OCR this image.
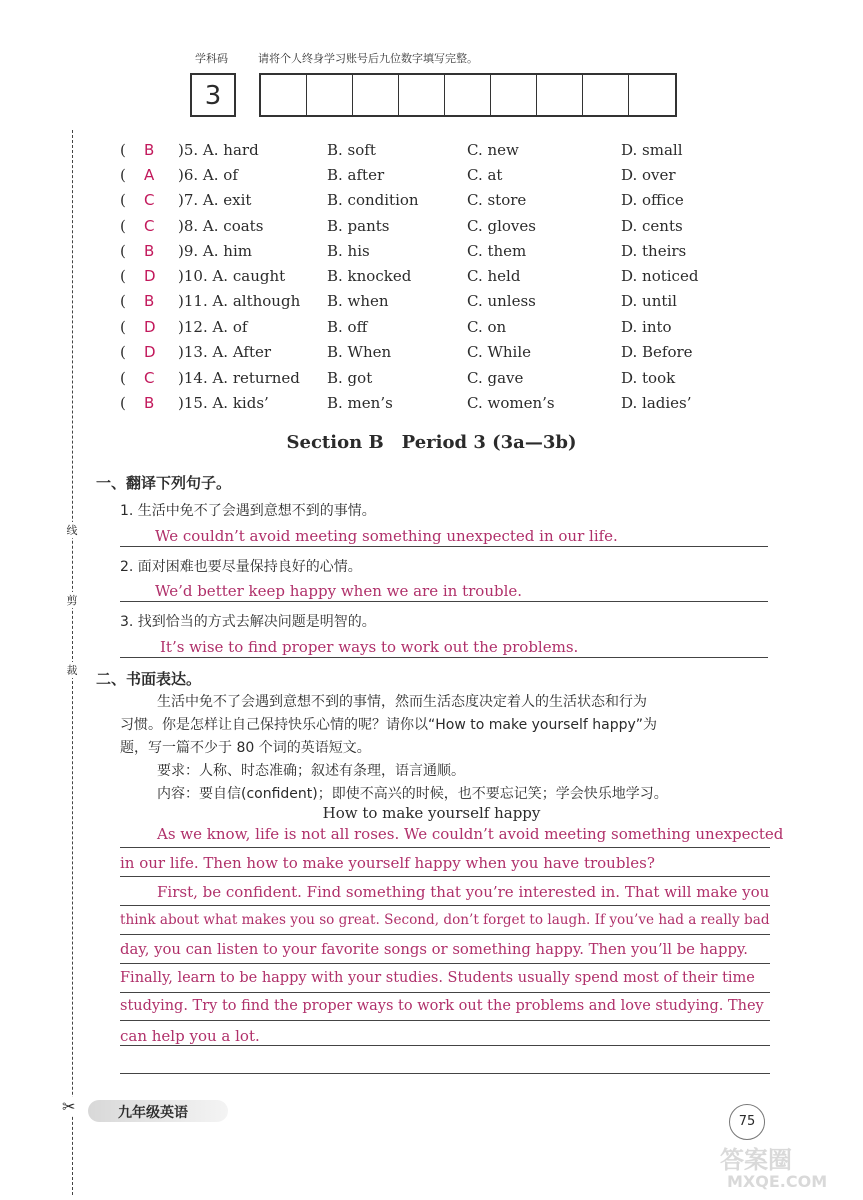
学科码	请将个人终身学习账号后九位数字填写完整。
3
线
剪
裁
✂
( B )5. A. hard	B. soft	C. new	D. small
( A )6. A. of	B. after	C. at	D. over
( C )7. A. exit	B. condition	C. store	D. office
( C )8. A. coats	B. pants	C. gloves	D. cents
( B )9. A. him	B. his	C. them	D. theirs
( D )10. A. caught	B. knocked	C. held	D. noticed
( B )11. A. although B. when	C. unless	D. until
( D )12. A. of	B. off	C. on	D. into
( D )13. A. After	B. When	C. While	D. Before
( C )14. A. returned B. got	C. gave	D. took
( B )15. A. kids’	B. men’s	C. women’s	D. ladies’
Section B　Period 3 (3a—3b)
一、翻译下列句子。
1. 生活中免不了会遇到意想不到的事情。
We couldn’t avoid meeting something unexpected in our life.
2. 面对困难也要尽量保持良好的心情。
We’d better keep happy when we are in trouble.
3. 找到恰当的方式去解决问题是明智的。
It’s wise to find proper ways to work out the problems.
二、书面表达。
生活中免不了会遇到意想不到的事情，然而生活态度决定着人的生活状态和行为
习惯。你是怎样让自己保持快乐心情的呢？请你以“How to make yourself happy”为
题，写一篇不少于 80 个词的英语短文。
要求：人称、时态准确；叙述有条理，语言通顺。
内容：要自信(confident)；即使不高兴的时候，也不要忘记笑；学会快乐地学习。
How to make yourself happy
As we know, life is not all roses. We couldn’t avoid meeting something unexpected
in our life. Then how to make yourself happy when you have troubles?
First, be confident. Find something that you’re interested in. That will make you
think about what makes you so great. Second, don’t forget to laugh. If you’ve had a really bad
day, you can listen to your favorite songs or something happy. Then you’ll be happy.
Finally, learn to be happy with your studies. Students usually spend most of their time
studying. Try to find the proper ways to work out the problems and love studying. They
can help you a lot.
九年级英语
75
答案圈
MXQE.COM
